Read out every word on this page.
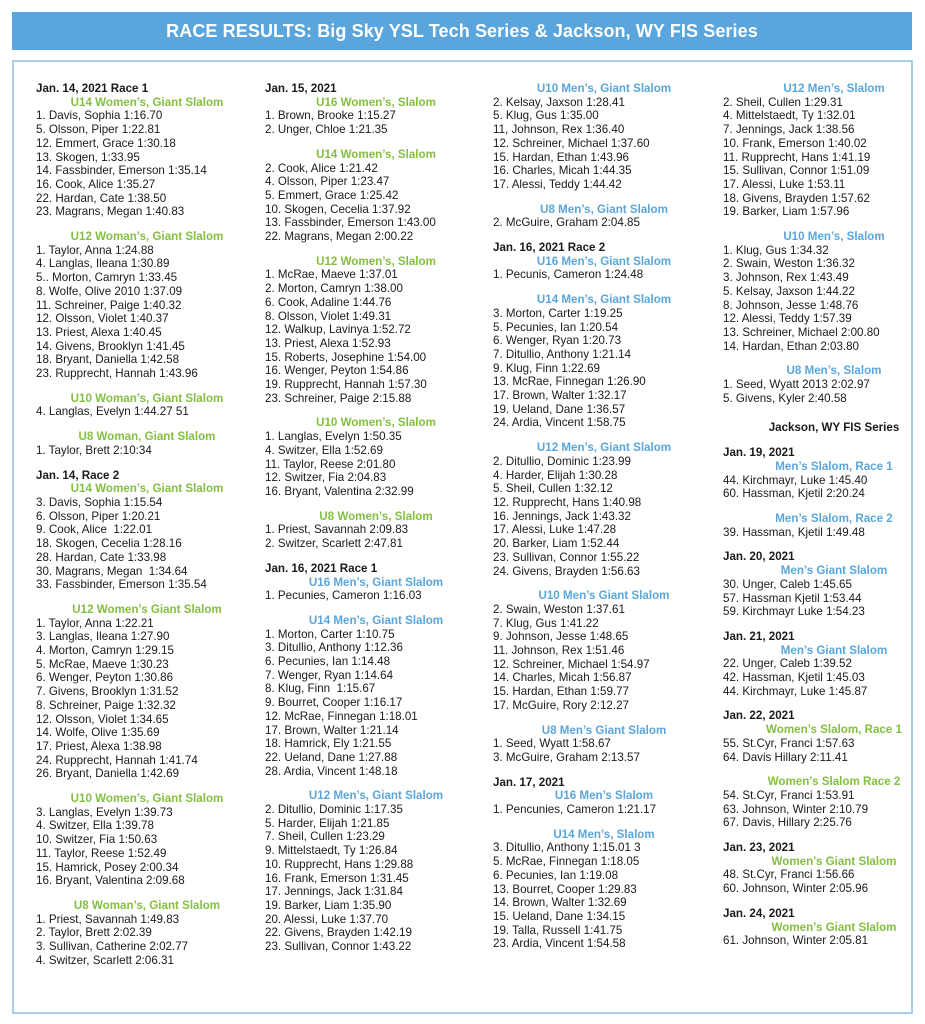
RACE RESULTS: Big Sky YSL Tech Series & Jackson, WY FIS Series
Jan. 14, 2021 Race 1
U14 Women’s, Giant Slalom
1. Davis, Sophia 1:16.70
5. Olsson, Piper 1:22.81
12. Emmert, Grace 1:30.18
13. Skogen, 1:33.95
14. Fassbinder, Emerson 1:35.14
16. Cook, Alice 1:35.27
22. Hardan, Cate 1:38.50
23. Magrans, Megan 1:40.83
U12 Woman’s, Giant Slalom
1. Taylor, Anna 1:24.88
4. Langlas, Ileana 1:30.89
5.. Morton, Camryn 1:33.45
8. Wolfe, Olive 2010 1:37.09
11. Schreiner, Paige 1:40.32
12. Olsson, Violet 1:40.37
13. Priest, Alexa 1:40.45
14. Givens, Brooklyn 1:41.45
18. Bryant, Daniella 1:42.58
23. Rupprecht, Hannah 1:43.96
U10 Woman’s, Giant Slalom
4. Langlas, Evelyn 1:44.27 51
U8 Woman, Giant Slalom
1. Taylor, Brett 2:10:34
Jan. 14, Race 2
U14 Women’s, Giant Slalom
3. Davis, Sophia 1:15.54
6. Olsson, Piper 1:20.21
9. Cook, Alice  1:22.01
18. Skogen, Cecelia 1:28.16
28. Hardan, Cate 1:33.98
30. Magrans, Megan  1:34.64
33. Fassbinder, Emerson 1:35.54
U12 Women’s Giant Slalom
1. Taylor, Anna 1:22.21
3. Langlas, Ileana 1:27.90
4. Morton, Camryn 1:29.15
5. McRae, Maeve 1:30.23
6. Wenger, Peyton 1:30.86
7. Givens, Brooklyn 1:31.52
8. Schreiner, Paige 1:32.32
12. Olsson, Violet 1:34.65
14. Wolfe, Olive 1:35.69
17. Priest, Alexa 1:38.98
24. Rupprecht, Hannah 1:41.74
26. Bryant, Daniella 1:42.69
U10 Women’s, Giant Slalom
3. Langlas, Evelyn 1:39.73
4. Switzer, Ella 1:39.78
10. Switzer, Fia 1:50.63
11. Taylor, Reese 1:52.49
15. Hamrick, Posey 2:00.34
16. Bryant, Valentina 2:09.68
U8 Woman’s, Giant Slalom
1. Priest, Savannah 1:49.83
2. Taylor, Brett 2:02.39
3. Sullivan, Catherine 2:02.77
4. Switzer, Scarlett 2:06.31
Jan. 15, 2021
U16 Women’s, Slalom
1. Brown, Brooke 1:15.27
2. Unger, Chloe 1:21.35
U14 Women’s, Slalom
2. Cook, Alice 1:21.42
4. Olsson, Piper 1:23.47
5. Emmert, Grace 1:25.42
10. Skogen, Cecelia 1:37.92
13. Fassbinder, Emerson 1:43.00
22. Magrans, Megan 2:00.22
U12 Women’s, Slalom
1. McRae, Maeve 1:37.01
2. Morton, Camryn 1:38.00
6. Cook, Adaline 1:44.76
8. Olsson, Violet 1:49.31
12. Walkup, Lavinya 1:52.72
13. Priest, Alexa 1:52.93
15. Roberts, Josephine 1:54.00
16. Wenger, Peyton 1:54.86
19. Rupprecht, Hannah 1:57.30
23. Schreiner, Paige 2:15.88
U10 Women’s, Slalom
1. Langlas, Evelyn 1:50.35
4. Switzer, Ella 1:52.69
11. Taylor, Reese 2:01.80
12. Switzer, Fia 2:04.83
16. Bryant, Valentina 2:32.99
U8 Women’s, Slalom
1. Priest, Savannah 2:09.83
2. Switzer, Scarlett 2:47.81
Jan. 16, 2021 Race 1
U16 Men’s, Giant Slalom
1. Pecunies, Cameron 1:16.03
U14 Men’s, Giant Slalom
1. Morton, Carter 1:10.75
3. Ditullio, Anthony 1:12.36
6. Pecunies, Ian 1:14.48
7. Wenger, Ryan 1:14.64
8. Klug, Finn  1:15.67
9. Bourret, Cooper 1:16.17
12. McRae, Finnegan 1:18.01
17. Brown, Walter 1:21.14
18. Hamrick, Ely 1:21.55
22. Ueland, Dane 1:27.88
28. Ardia, Vincent 1:48.18
U12 Men’s, Giant Slalom
2. Ditullio, Dominic 1:17.35
5. Harder, Elijah 1:21.85
7. Sheil, Cullen 1:23.29
9. Mittelstaedt, Ty 1:26.84
10. Rupprecht, Hans 1:29.88
16. Frank, Emerson 1:31.45
17. Jennings, Jack 1:31.84
19. Barker, Liam 1:35.90
20. Alessi, Luke 1:37.70
22. Givens, Brayden 1:42.19
23. Sullivan, Connor 1:43.22
U10 Men’s, Giant Slalom
2. Kelsay, Jaxson 1:28.41
5. Klug, Gus 1:35.00
11, Johnson, Rex 1:36.40
12. Schreiner, Michael 1:37.60
15. Hardan, Ethan 1:43.96
16. Charles, Micah 1:44.35
17. Alessi, Teddy 1:44.42
U8 Men’s, Giant Slalom
2. McGuire, Graham 2:04.85
Jan. 16, 2021 Race 2
U16 Men’s, Giant Slalom
1. Pecunis, Cameron 1:24.48
U14 Men’s, Giant Slalom
3. Morton, Carter 1:19.25
5. Pecunies, Ian 1:20.54
6. Wenger, Ryan 1:20.73
7. Ditullio, Anthony 1:21.14
9. Klug, Finn 1:22.69
13. McRae, Finnegan 1:26.90
17. Brown, Walter 1:32.17
19. Ueland, Dane 1:36.57
24. Ardia, Vincent 1:58.75
U12 Men’s, Giant Slalom
2. Ditullio, Dominic 1:23.99
4. Harder, Elijah 1:30.28
5. Sheil, Cullen 1:32.12
12. Rupprecht, Hans 1:40.98
16. Jennings, Jack 1:43.32
17. Alessi, Luke 1:47.28
20. Barker, Liam 1:52.44
23. Sullivan, Connor 1:55.22
24. Givens, Brayden 1:56.63
U10 Men’s Giant Slalom
2. Swain, Weston 1:37.61
7. Klug, Gus 1:41.22
9. Johnson, Jesse 1:48.65
11. Johnson, Rex 1:51.46
12. Schreiner, Michael 1:54.97
14. Charles, Micah 1:56.87
15. Hardan, Ethan 1:59.77
17. McGuire, Rory 2:12.27
U8 Men’s Giant Slalom
1. Seed, Wyatt 1:58.67
3. McGuire, Graham 2:13.57
Jan. 17, 2021
U16 Men’s Slalom
1. Pencunies, Cameron 1:21.17
U14 Men’s, Slalom
3. Ditullio, Anthony 1:15.01 3
5. McRae, Finnegan 1:18.05
6. Pecunies, Ian 1:19.08
13. Bourret, Cooper 1:29.83
14. Brown, Walter 1:32.69
15. Ueland, Dane 1:34.15
19. Talla, Russell 1:41.75
23. Ardia, Vincent 1:54.58
U12 Men’s, Slalom
2. Sheil, Cullen 1:29.31
4. Mittelstaedt, Ty 1:32.01
7. Jennings, Jack 1:38.56
10. Frank, Emerson 1:40.02
11. Rupprecht, Hans 1:41.19
15. Sullivan, Connor 1:51.09
17. Alessi, Luke 1:53.11
18. Givens, Brayden 1:57.62
19. Barker, Liam 1:57.96
U10 Men’s, Slalom
1. Klug, Gus 1:34.32
2. Swain, Weston 1:36.32
3. Johnson, Rex 1:43.49
5. Kelsay, Jaxson 1:44.22
8. Johnson, Jesse 1:48.76
12. Alessi, Teddy 1:57.39
13. Schreiner, Michael 2:00.80
14. Hardan, Ethan 2:03.80
U8 Men’s, Slalom
1. Seed, Wyatt 2013 2:02.97
5. Givens, Kyler 2:40.58
Jackson, WY FIS Series
Jan. 19, 2021
Men’s Slalom, Race 1
44. Kirchmayr, Luke 1:45.40
60. Hassman, Kjetil 2:20.24
Men’s Slalom, Race 2
39. Hassman, Kjetil 1:49.48
Jan. 20, 2021
Men’s Giant Slalom
30. Unger, Caleb 1:45.65
57. Hassman Kjetil 1:53.44
59. Kirchmayr Luke 1:54.23
Jan. 21, 2021
Men’s Giant Slalom
22. Unger, Caleb 1:39.52
42. Hassman, Kjetil 1:45.03
44. Kirchmayr, Luke 1:45.87
Jan. 22, 2021
Women’s Slalom, Race 1
55. St.Cyr, Franci 1:57.63
64. Davis Hillary 2:11.41
Women’s Slalom Race 2
54. St.Cyr, Franci 1:53.91
63. Johnson, Winter 2:10.79
67. Davis, Hillary 2:25.76
Jan. 23, 2021
Women’s Giant Slalom
48. St.Cyr, Franci 1:56.66
60. Johnson, Winter 2:05.96
Jan. 24, 2021
Women’s Giant Slalom
61. Johnson, Winter 2:05.81
